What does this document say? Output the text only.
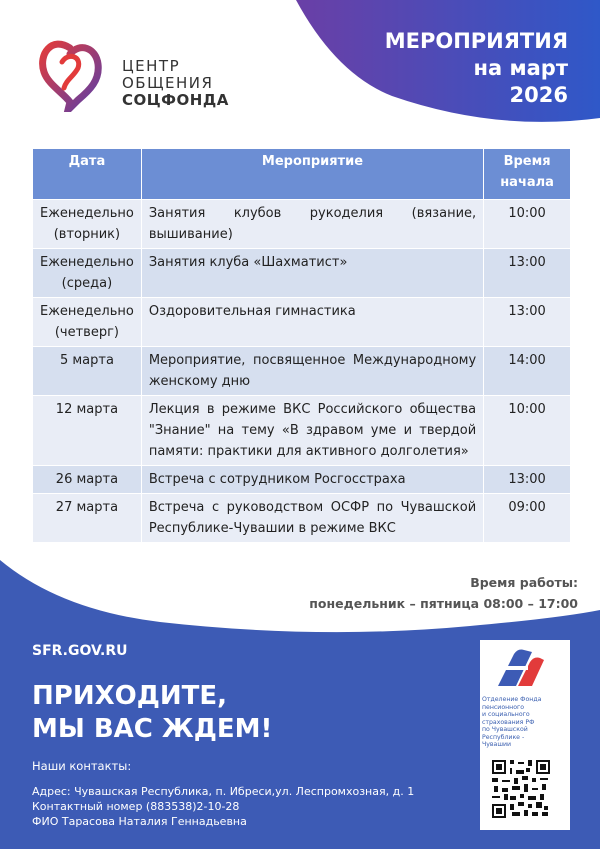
МЕРОПРИЯТИЯ
на март
2026
ЦЕНТР
ОБЩЕНИЯ
СОЦФОНДА
Дата	Мероприятие	Время начала
Еженедельно (вторник)	Занятия клубов рукоделия (вязание, вышивание)	10:00
Еженедельно (среда)	Занятия клуба «Шахматист»	13:00
Еженедельно (четверг)	Оздоровительная гимнастика	13:00
5 марта	Мероприятие, посвященное Международному женскому дню	14:00
12 марта	Лекция в режиме ВКС Российского общества "Знание" на тему «В здравом уме и твердой памяти: практики для активного долголетия»	10:00
26 марта	Встреча с сотрудником Росгосстраха	13:00
27 марта	Встреча с руководством ОСФР по Чувашской Республике-Чувашии в режиме ВКС	09:00
Время работы:
понедельник – пятница 08:00 – 17:00
SFR.GOV.RU
ПРИХОДИТЕ,
МЫ ВАС ЖДЕМ!
Наши контакты:
Адрес: Чувашская Республика, п. Ибреси,ул. Леспромхозная, д. 1
Контактный номер (883538)2-10-28
ФИО Тарасова Наталия Геннадьевна
Отделение Фонда
пенсионного
и социального
страхования РФ
по Чувашской
Республике -
Чувашии
